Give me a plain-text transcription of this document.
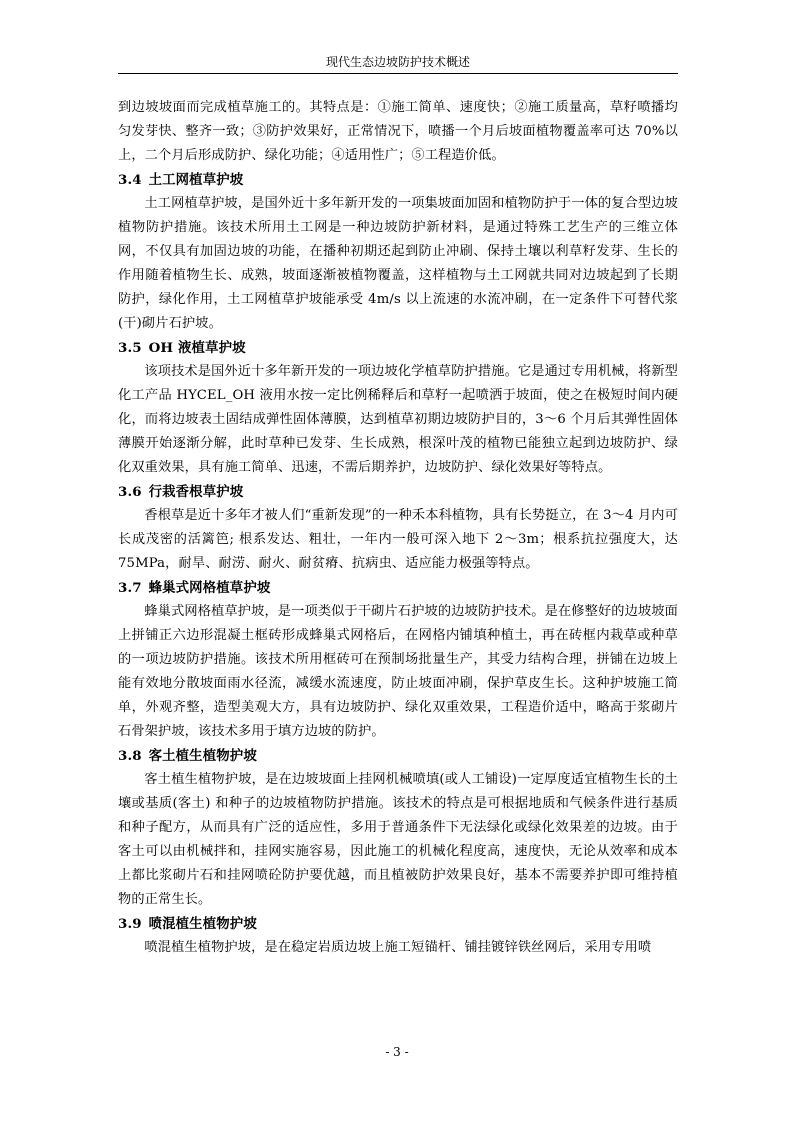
现代生态边坡防护技术概述

到边坡坡面而完成植草施工的。其特点是：①施工简单、速度快；②施工质量高，草籽喷播均匀发芽快、整齐一致；③防护效果好，正常情况下，喷播一个月后坡面植物覆盖率可达 70%以上，二个月后形成防护、绿化功能；④适用性广；⑤工程造价低。

3.4 土工网植草护坡

土工网植草护坡，是国外近十多年新开发的一项集坡面加固和植物防护于一体的复合型边坡植物防护措施。该技术所用土工网是一种边坡防护新材料，是通过特殊工艺生产的三维立体网，不仅具有加固边坡的功能，在播种初期还起到防止冲刷、保持土壤以利草籽发芽、生长的作用随着植物生长、成熟，坡面逐渐被植物覆盖，这样植物与土工网就共同对边坡起到了长期防护，绿化作用，土工网植草护坡能承受 4m/s 以上流速的水流冲刷，在一定条件下可替代浆(干)砌片石护坡。

3.5 OH 液植草护坡

该项技术是国外近十多年新开发的一项边坡化学植草防护措施。它是通过专用机械，将新型化工产品 HYCEL_OH 液用水按一定比例稀释后和草籽一起喷洒于坡面，使之在极短时间内硬化，而将边坡表土固结成弹性固体薄膜，达到植草初期边坡防护目的，3～6 个月后其弹性固体薄膜开始逐渐分解，此时草种已发芽、生长成熟，根深叶茂的植物已能独立起到边坡防护、绿化双重效果，具有施工简单、迅速，不需后期养护，边坡防护、绿化效果好等特点。

3.6 行栽香根草护坡

香根草是近十多年才被人们“重新发现”的一种禾本科植物，具有长势挺立，在 3～4 月内可长成茂密的活篱笆; 根系发达、粗壮，一年内一般可深入地下 2～3m；根系抗拉强度大，达 75MPa，耐旱、耐涝、耐火、耐贫瘠、抗病虫、适应能力极强等特点。

3.7 蜂巢式网格植草护坡

蜂巢式网格植草护坡，是一项类似于干砌片石护坡的边坡防护技术。是在修整好的边坡坡面上拼铺正六边形混凝土框砖形成蜂巢式网格后，在网格内铺填种植土，再在砖框内栽草或种草的一项边坡防护措施。该技术所用框砖可在预制场批量生产，其受力结构合理，拼铺在边坡上能有效地分散坡面雨水径流，减缓水流速度，防止坡面冲刷，保护草皮生长。这种护坡施工简单，外观齐整，造型美观大方，具有边坡防护、绿化双重效果，工程造价适中，略高于浆砌片石骨架护坡，该技术多用于填方边坡的防护。

3.8 客土植生植物护坡

客土植生植物护坡，是在边坡坡面上挂网机械喷填(或人工铺设)一定厚度适宜植物生长的土壤或基质(客土) 和种子的边坡植物防护措施。该技术的特点是可根据地质和气候条件进行基质和种子配方，从而具有广泛的适应性，多用于普通条件下无法绿化或绿化效果差的边坡。由于客土可以由机械拌和，挂网实施容易，因此施工的机械化程度高，速度快，无论从效率和成本上都比浆砌片石和挂网喷砼防护要优越，而且植被防护效果良好，基本不需要养护即可维持植物的正常生长。

3.9 喷混植生植物护坡

喷混植生植物护坡，是在稳定岩质边坡上施工短锚杆、铺挂镀锌铁丝网后，采用专用喷

- 3 -
